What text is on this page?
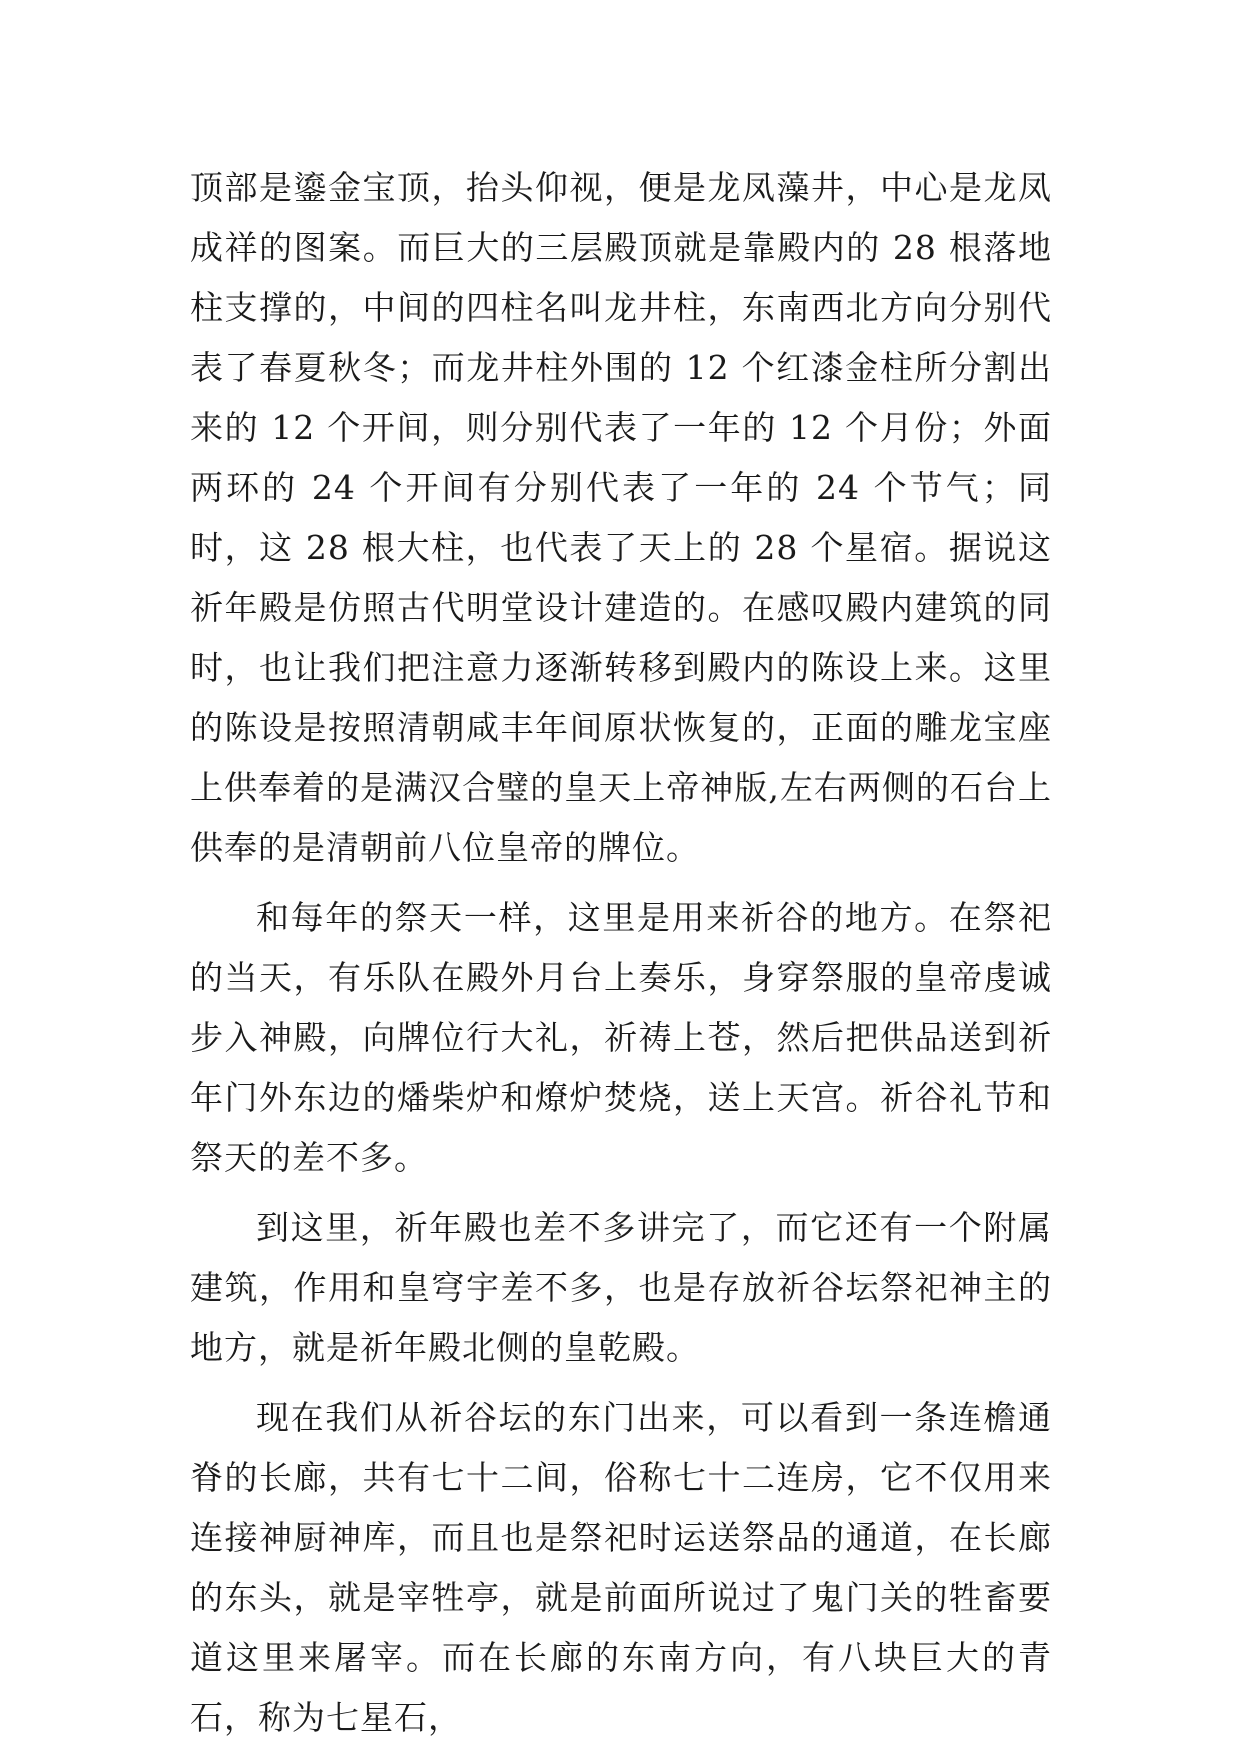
顶部是鎏金宝顶，抬头仰视，便是龙凤藻井，中心是龙凤成祥的图案。而巨大的三层殿顶就是靠殿内的 28 根落地柱支撑的，中间的四柱名叫龙井柱，东南西北方向分别代表了春夏秋冬；而龙井柱外围的 12 个红漆金柱所分割出来的 12 个开间，则分别代表了一年的 12 个月份；外面两环的 24 个开间有分别代表了一年的 24 个节气；同时，这 28 根大柱，也代表了天上的 28 个星宿。据说这祈年殿是仿照古代明堂设计建造的。在感叹殿内建筑的同时，也让我们把注意力逐渐转移到殿内的陈设上来。这里的陈设是按照清朝咸丰年间原状恢复的，正面的雕龙宝座上供奉着的是满汉合璧的皇天上帝神版,左右两侧的石台上供奉的是清朝前八位皇帝的牌位。

和每年的祭天一样，这里是用来祈谷的地方。在祭祀的当天，有乐队在殿外月台上奏乐，身穿祭服的皇帝虔诚步入神殿，向牌位行大礼，祈祷上苍，然后把供品送到祈年门外东边的燔柴炉和燎炉焚烧，送上天宫。祈谷礼节和祭天的差不多。

到这里，祈年殿也差不多讲完了，而它还有一个附属建筑，作用和皇穹宇差不多，也是存放祈谷坛祭祀神主的地方，就是祈年殿北侧的皇乾殿。

现在我们从祈谷坛的东门出来，可以看到一条连檐通脊的长廊，共有七十二间，俗称七十二连房，它不仅用来连接神厨神库，而且也是祭祀时运送祭品的通道，在长廊的东头，就是宰牲亭，就是前面所说过了鬼门关的牲畜要道这里来屠宰。而在长廊的东南方向，有八块巨大的青石，称为七星石，
